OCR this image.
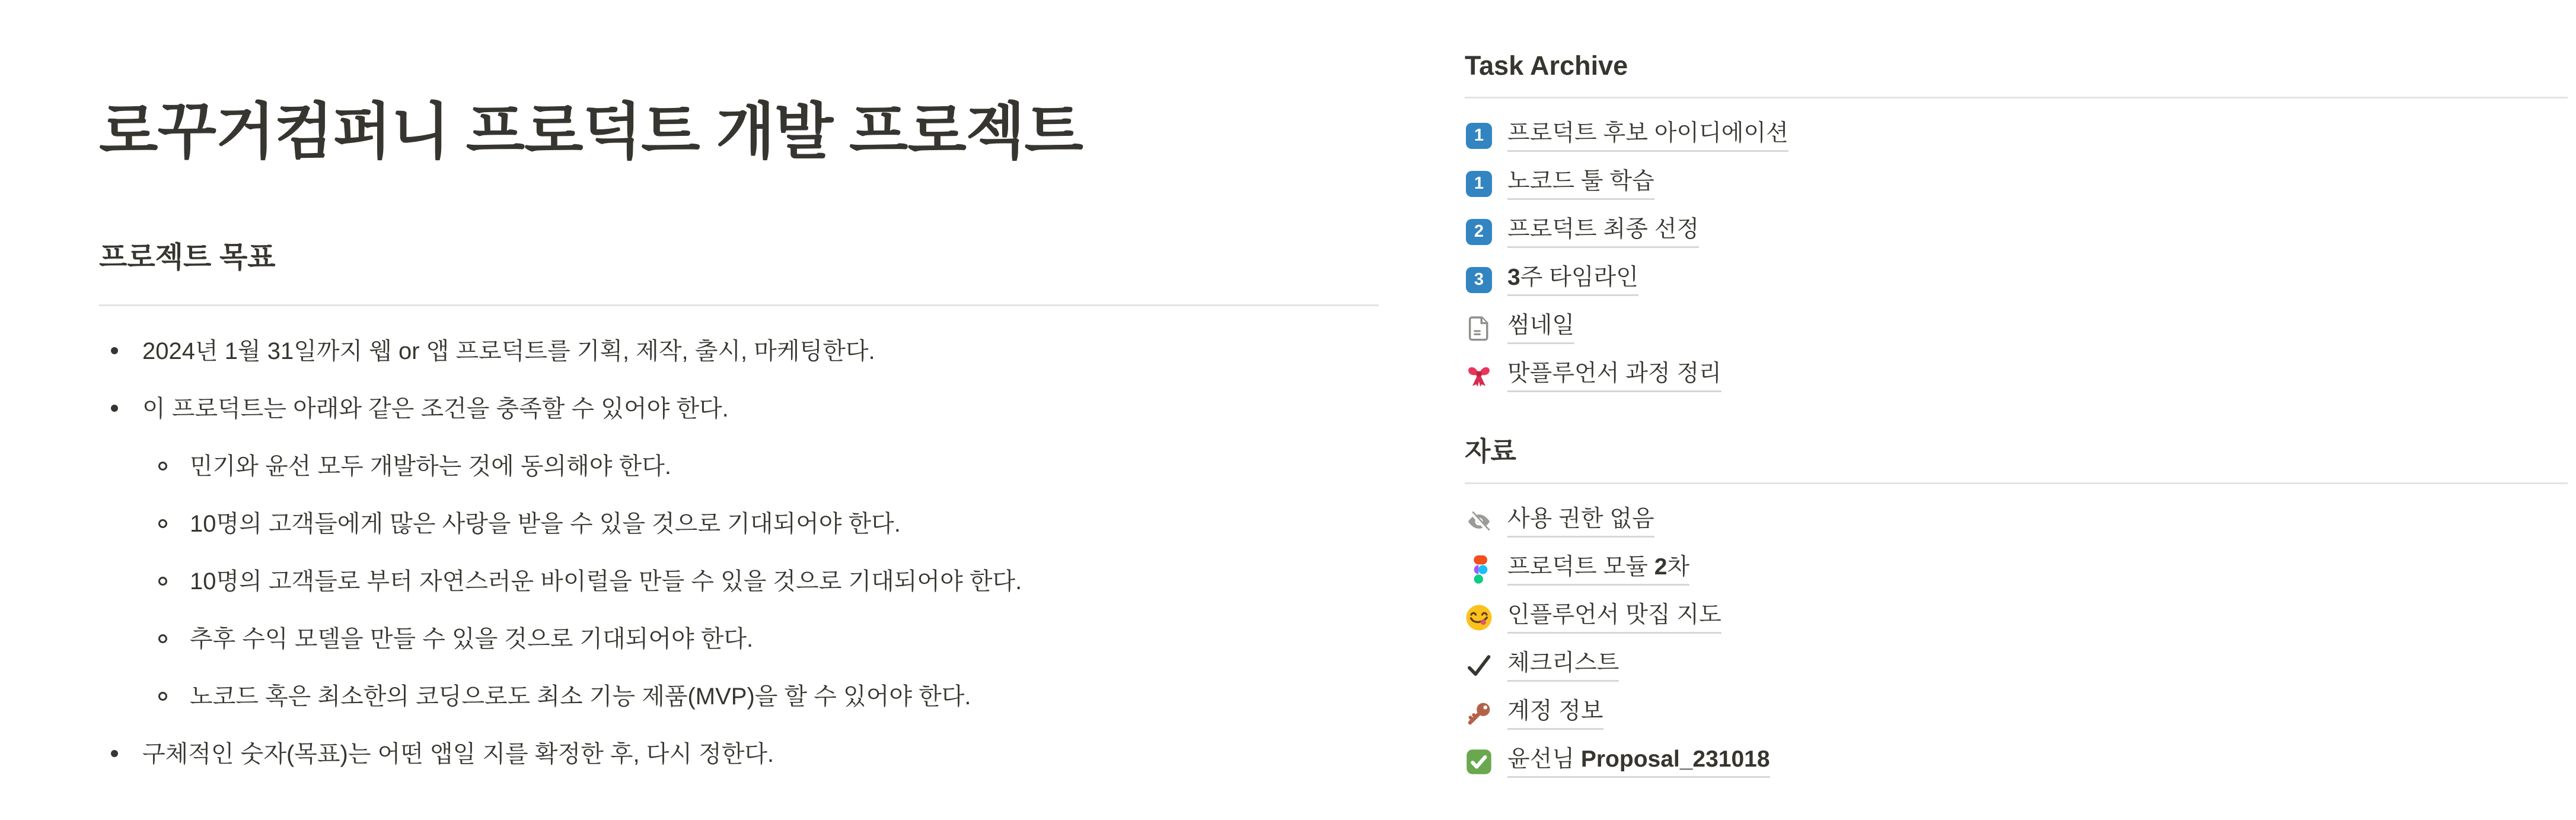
로꾸거컴퍼니 프로덕트 개발 프로젝트
프로젝트 목표
2024년 1월 31일까지 웹 or 앱 프로덕트를 기획, 제작, 출시, 마케팅한다.
이 프로덕트는 아래와 같은 조건을 충족할 수 있어야 한다.
민기와 윤선 모두 개발하는 것에 동의해야 한다.
10명의 고객들에게 많은 사랑을 받을 수 있을 것으로 기대되어야 한다.
10명의 고객들로 부터 자연스러운 바이럴을 만들 수 있을 것으로 기대되어야 한다.
추후 수익 모델을 만들 수 있을 것으로 기대되어야 한다.
노코드 혹은 최소한의 코딩으로도 최소 기능 제품(MVP)을 할 수 있어야 한다.
구체적인 숫자(목표)는 어떤 앱일 지를 확정한 후, 다시 정한다.
Task Archive
1	프로덕트 후보 아이디에이션
1	노코드 툴 학습
2	프로덕트 최종 선정
3	3주 타임라인
썸네일
맛플루언서 과정 정리
자료
사용 권한 없음
프로덕트 모듈 2차
인플루언서 맛집 지도
체크리스트
계정 정보
윤선님 Proposal_231018
